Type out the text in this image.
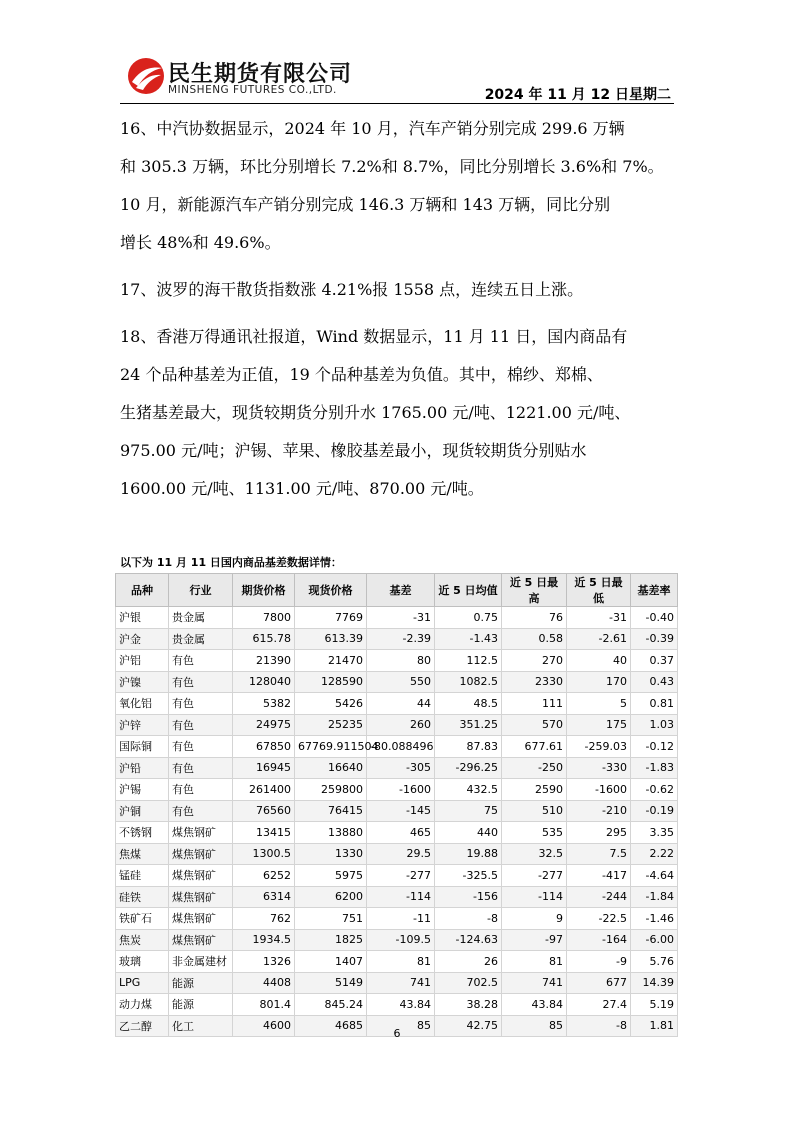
民生期货有限公司
MINSHENG FUTURES CO.,LTD.	2024 年 11 月 12 日星期二

16、中汽协数据显示，2024 年 10 月，汽车产销分别完成 299.6 万辆
和 305.3 万辆，环比分别增长 7.2%和 8.7%，同比分别增长 3.6%和 7%。
10 月，新能源汽车产销分别完成 146.3 万辆和 143 万辆，同比分别
增长 48%和 49.6%。

17、波罗的海干散货指数涨 4.21%报 1558 点，连续五日上涨。

18、香港万得通讯社报道，Wind 数据显示，11 月 11 日，国内商品有
24 个品种基差为正值，19 个品种基差为负值。其中，棉纱、郑棉、
生猪基差最大，现货较期货分别升水 1765.00 元/吨、1221.00 元/吨、
975.00 元/吨；沪锡、苹果、橡胶基差最小，现货较期货分别贴水
1600.00 元/吨、1131.00 元/吨、870.00 元/吨。

以下为 11 月 11 日国内商品基差数据详情：
品种	行业	期货价格	现货价格	基差	近 5 日均值	近 5 日最高	近 5 日最低	基差率
沪银	贵金属	7800	7769	-31	0.75	76	-31	-0.40
沪金	贵金属	615.78	613.39	-2.39	-1.43	0.58	-2.61	-0.39
沪铝	有色	21390	21470	80	112.5	270	40	0.37
沪镍	有色	128040	128590	550	1082.5	2330	170	0.43
氧化铝	有色	5382	5426	44	48.5	111	5	0.81
沪锌	有色	24975	25235	260	351.25	570	175	1.03
国际铜	有色	67850	67769.911504	-80.088496	87.83	677.61	-259.03	-0.12
沪铅	有色	16945	16640	-305	-296.25	-250	-330	-1.83
沪锡	有色	261400	259800	-1600	432.5	2590	-1600	-0.62
沪铜	有色	76560	76415	-145	75	510	-210	-0.19
不锈钢	煤焦钢矿	13415	13880	465	440	535	295	3.35
焦煤	煤焦钢矿	1300.5	1330	29.5	19.88	32.5	7.5	2.22
锰硅	煤焦钢矿	6252	5975	-277	-325.5	-277	-417	-4.64
硅铁	煤焦钢矿	6314	6200	-114	-156	-114	-244	-1.84
铁矿石	煤焦钢矿	762	751	-11	-8	9	-22.5	-1.46
焦炭	煤焦钢矿	1934.5	1825	-109.5	-124.63	-97	-164	-6.00
玻璃	非金属建材	1326	1407	81	26	81	-9	5.76
LPG	能源	4408	5149	741	702.5	741	677	14.39
动力煤	能源	801.4	845.24	43.84	38.28	43.84	27.4	5.19
乙二醇	化工	4600	4685	85	42.75	85	-8	1.81
6
